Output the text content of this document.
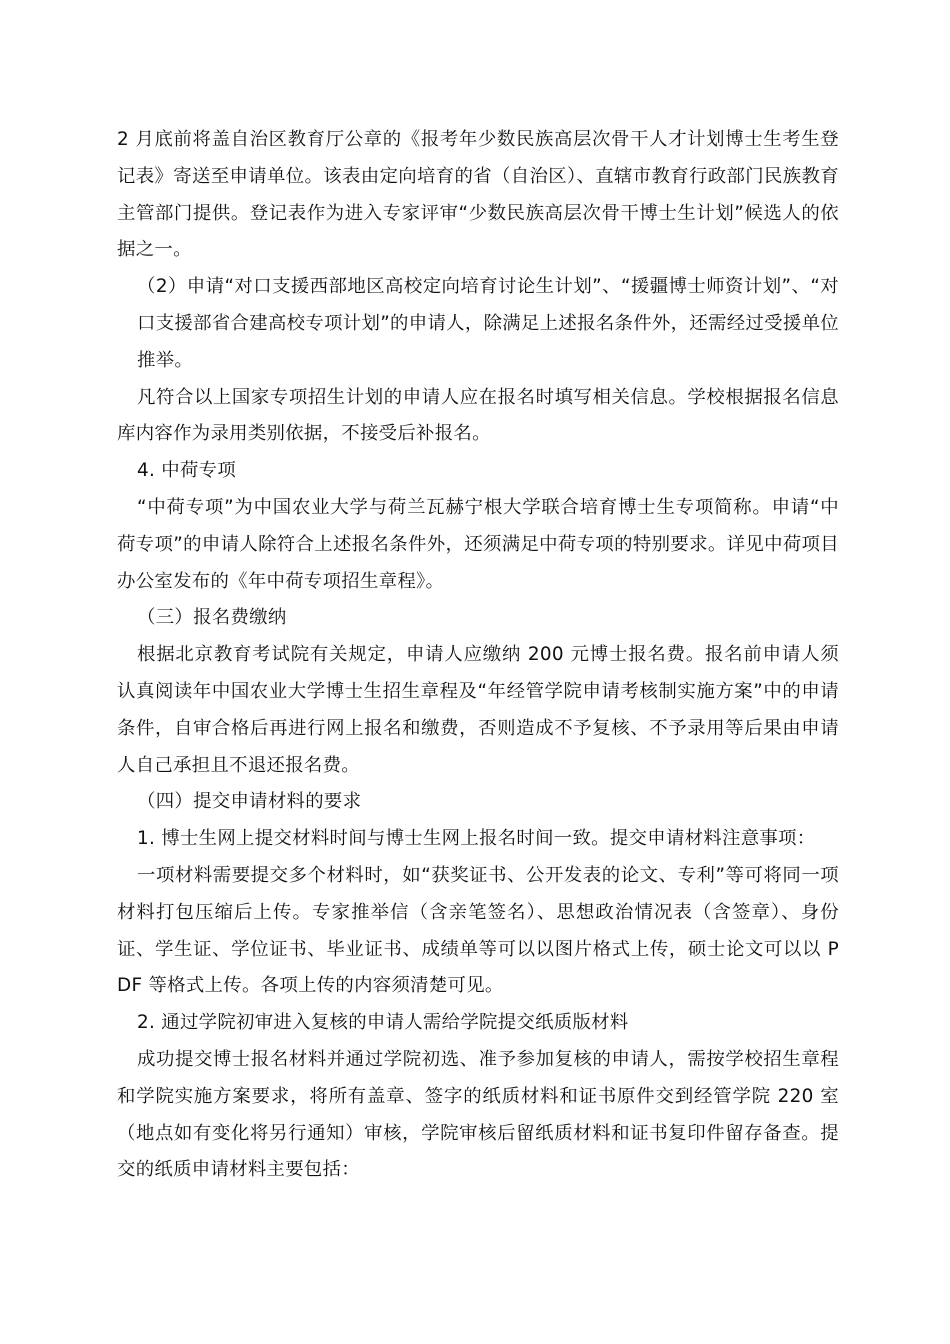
2 月底前将盖自治区教育厅公章的《报考年少数民族高层次骨干人才计划博士生考生登记表》寄送至申请单位。该表由定向培育的省（自治区）、直辖市教育行政部门民族教育主管部门提供。登记表作为进入专家评审“少数民族高层次骨干博士生计划”候选人的依据之一。

（2）申请“对口支援西部地区高校定向培育讨论生计划”、“援疆博士师资计划”、“对口支援部省合建高校专项计划”的申请人，除满足上述报名条件外，还需经过受援单位推举。

凡符合以上国家专项招生计划的申请人应在报名时填写相关信息。学校根据报名信息库内容作为录用类别依据，不接受后补报名。

4. 中荷专项

“中荷专项”为中国农业大学与荷兰瓦赫宁根大学联合培育博士生专项简称。申请“中荷专项”的申请人除符合上述报名条件外，还须满足中荷专项的特别要求。详见中荷项目办公室发布的《年中荷专项招生章程》。

（三）报名费缴纳

根据北京教育考试院有关规定，申请人应缴纳 200 元博士报名费。报名前申请人须认真阅读年中国农业大学博士生招生章程及“年经管学院申请考核制实施方案”中的申请条件，自审合格后再进行网上报名和缴费，否则造成不予复核、不予录用等后果由申请人自己承担且不退还报名费。

（四）提交申请材料的要求

1. 博士生网上提交材料时间与博士生网上报名时间一致。提交申请材料注意事项：

一项材料需要提交多个材料时，如“获奖证书、公开发表的论文、专利”等可将同一项材料打包压缩后上传。专家推举信（含亲笔签名）、思想政治情况表（含签章）、身份证、学生证、学位证书、毕业证书、成绩单等可以以图片格式上传，硕士论文可以以 PDF 等格式上传。各项上传的内容须清楚可见。

2. 通过学院初审进入复核的申请人需给学院提交纸质版材料

成功提交博士报名材料并通过学院初选、准予参加复核的申请人，需按学校招生章程和学院实施方案要求，将所有盖章、签字的纸质材料和证书原件交到经管学院 220 室（地点如有变化将另行通知）审核，学院审核后留纸质材料和证书复印件留存备查。提交的纸质申请材料主要包括：
